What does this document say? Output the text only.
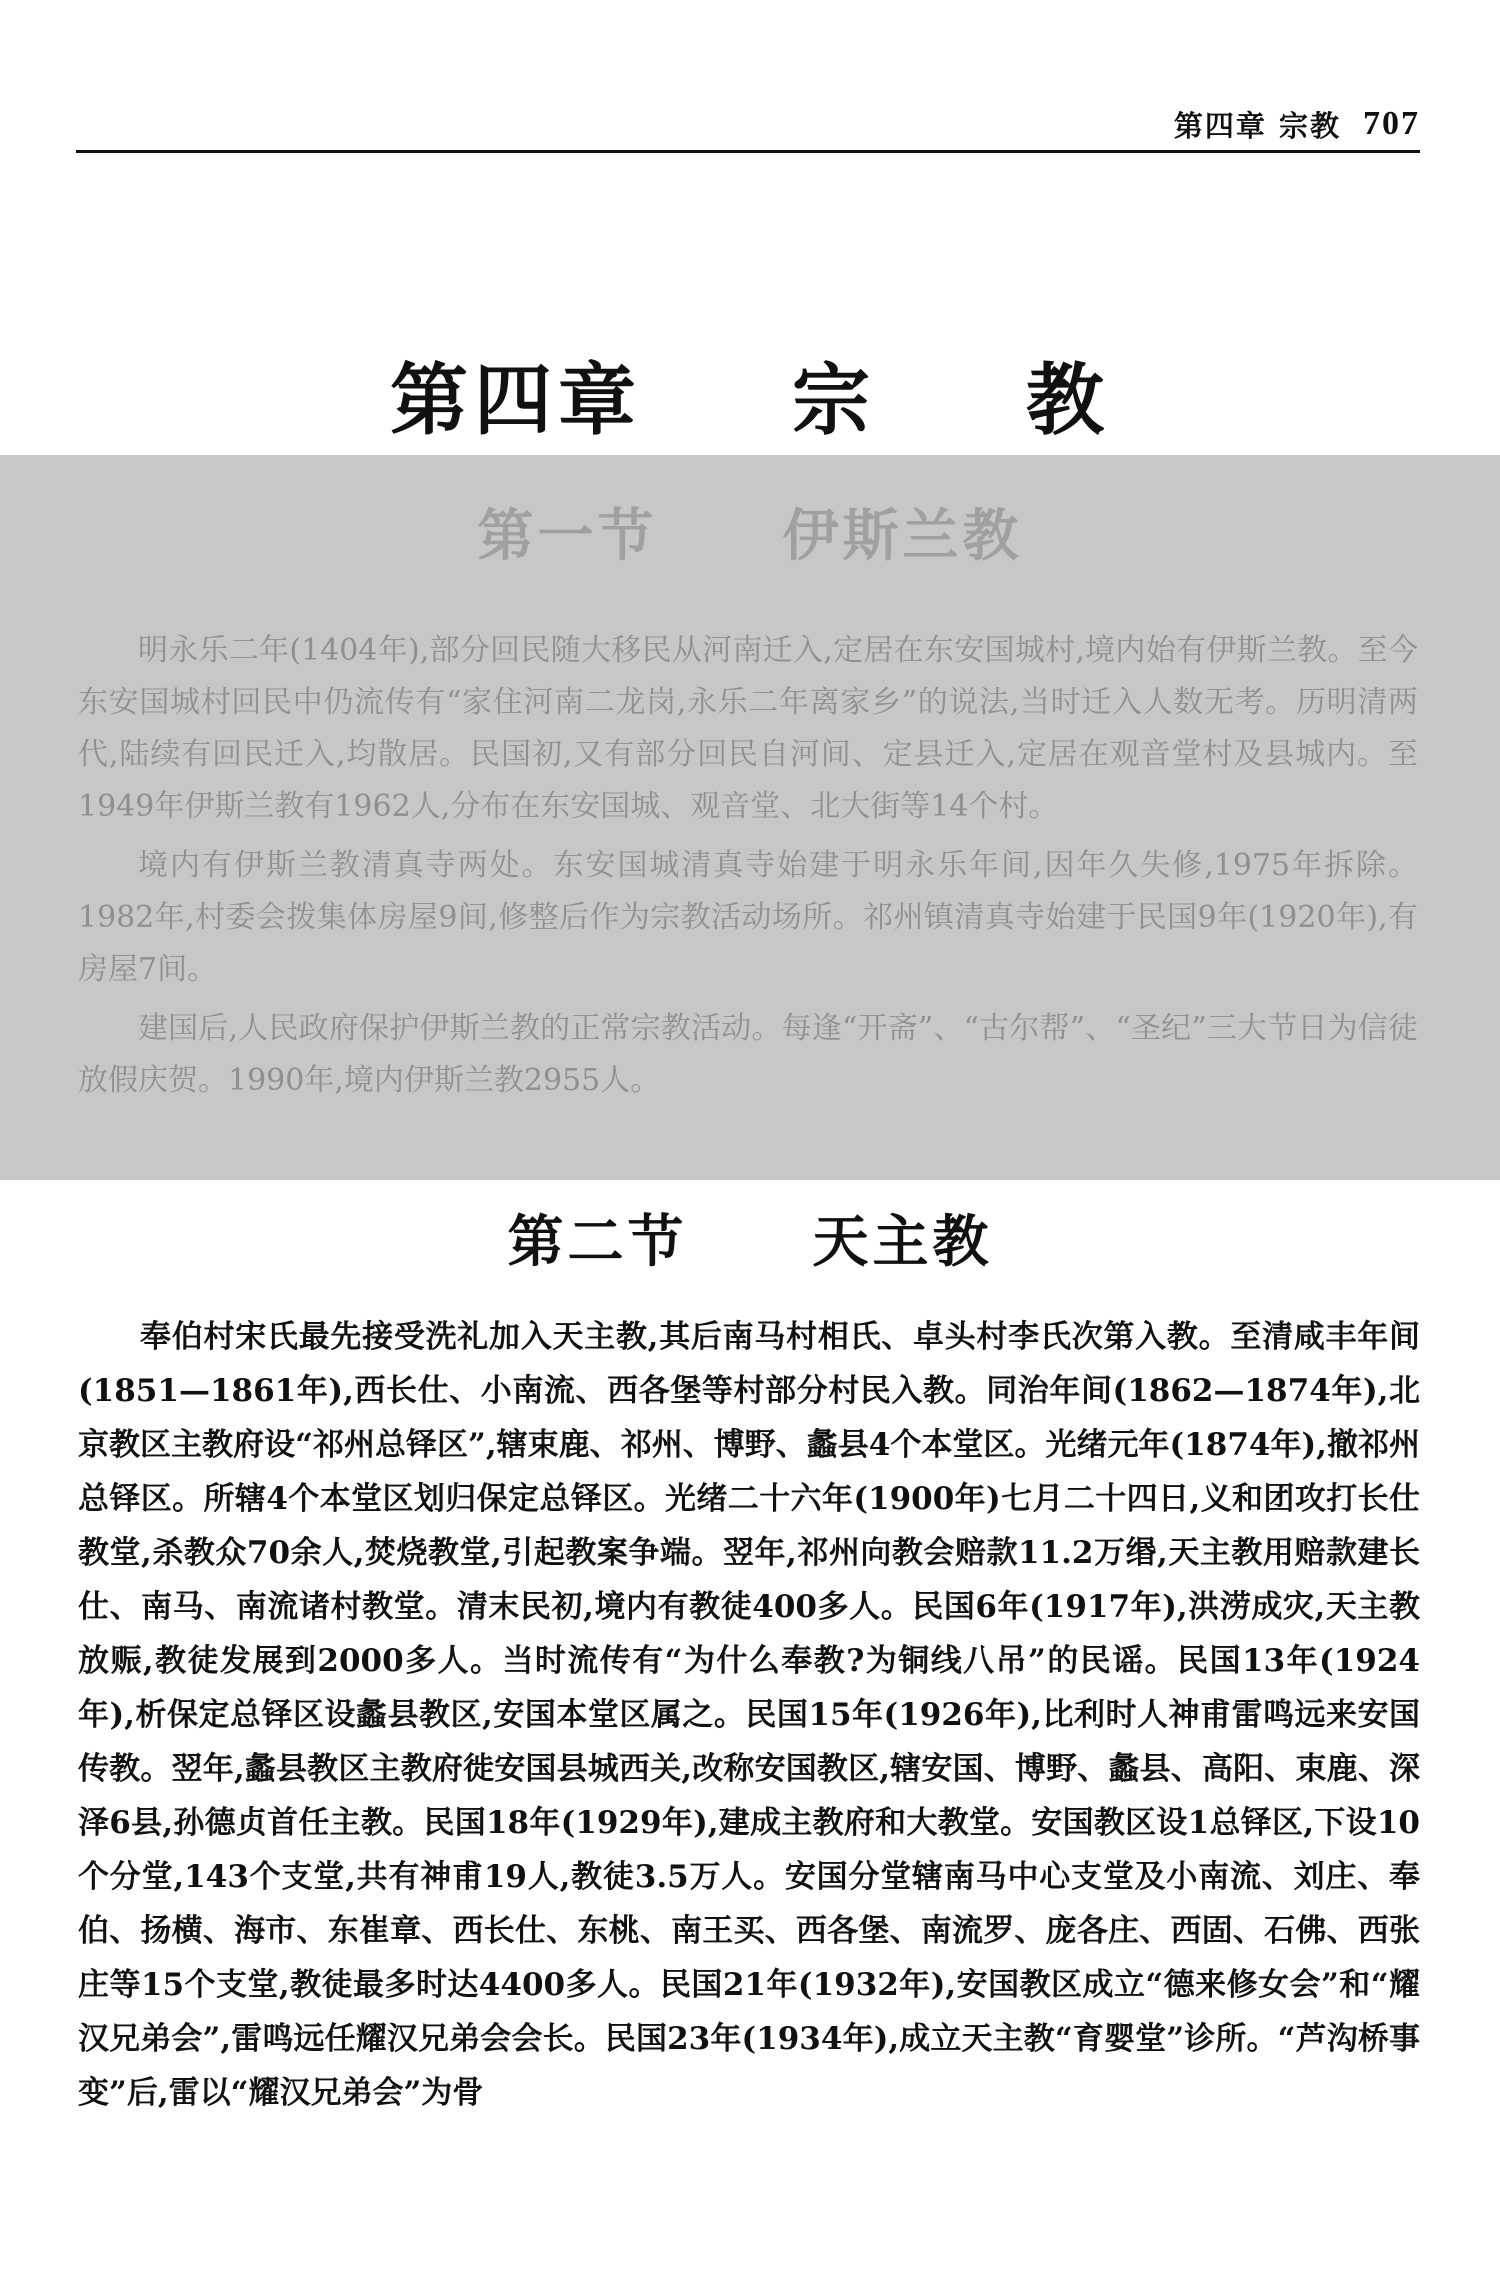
第四章 宗教 707
第四章 宗 教
第一节 伊斯兰教

明永乐二年(1404年),部分回民随大移民从河南迁入,定居在东安国城村,境内始有伊斯兰教。至今东安国城村回民中仍流传有“家住河南二龙岗,永乐二年离家乡”的说法,当时迁入人数无考。历明清两代,陆续有回民迁入,均散居。民国初,又有部分回民自河间、定县迁入,定居在观音堂村及县城内。至1949年伊斯兰教有1962人,分布在东安国城、观音堂、北大街等14个村。

境内有伊斯兰教清真寺两处。东安国城清真寺始建于明永乐年间,因年久失修,1975年拆除。1982年,村委会拨集体房屋9间,修整后作为宗教活动场所。祁州镇清真寺始建于民国9年(1920年),有房屋7间。

建国后,人民政府保护伊斯兰教的正常宗教活动。每逢“开斋”、“古尔帮”、“圣纪”三大节日为信徒放假庆贺。1990年,境内伊斯兰教2955人。

第二节 天主教

奉伯村宋氏最先接受洗礼加入天主教,其后南马村相氏、卓头村李氏次第入教。至清咸丰年间(1851—1861年),西长仕、小南流、西各堡等村部分村民入教。同治年间(1862—1874年),北京教区主教府设“祁州总铎区”,辖束鹿、祁州、博野、蠡县4个本堂区。光绪元年(1874年),撤祁州总铎区。所辖4个本堂区划归保定总铎区。光绪二十六年(1900年)七月二十四日,义和团攻打长仕教堂,杀教众70余人,焚烧教堂,引起教案争端。翌年,祁州向教会赔款11.2万缗,天主教用赔款建长仕、南马、南流诸村教堂。清末民初,境内有教徒400多人。民国6年(1917年),洪涝成灾,天主教放赈,教徒发展到2000多人。当时流传有“为什么奉教?为铜线八吊”的民谣。民国13年(1924年),析保定总铎区设蠡县教区,安国本堂区属之。民国15年(1926年),比利时人神甫雷鸣远来安国传教。翌年,蠡县教区主教府徙安国县城西关,改称安国教区,辖安国、博野、蠡县、高阳、束鹿、深泽6县,孙德贞首任主教。民国18年(1929年),建成主教府和大教堂。安国教区设1总铎区,下设10个分堂,143个支堂,共有神甫19人,教徒3.5万人。安国分堂辖南马中心支堂及小南流、刘庄、奉伯、扬横、海市、东崔章、西长仕、东桃、南王买、西各堡、南流罗、庞各庄、西固、石佛、西张庄等15个支堂,教徒最多时达4400多人。民国21年(1932年),安国教区成立“德来修女会”和“耀汉兄弟会”,雷鸣远任耀汉兄弟会会长。民国23年(1934年),成立天主教“育婴堂”诊所。“芦沟桥事变”后,雷以“耀汉兄弟会”为骨
